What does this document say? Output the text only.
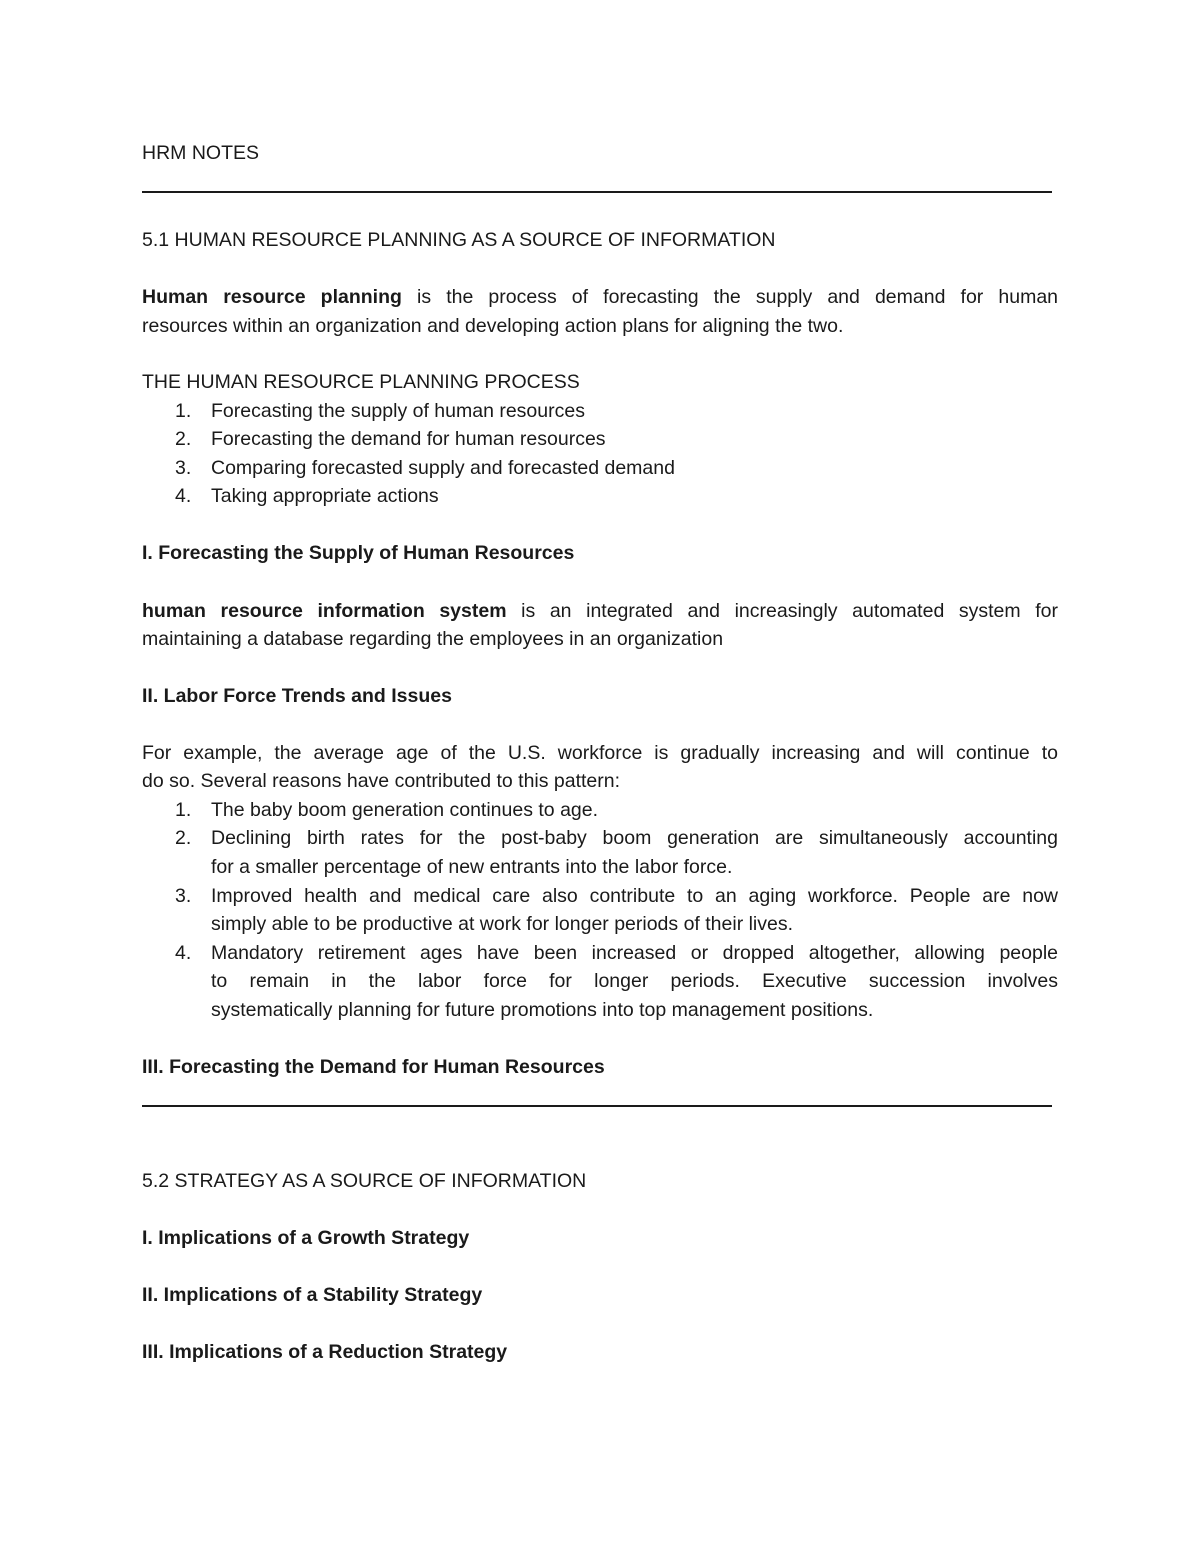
HRM NOTES
5.1 HUMAN RESOURCE PLANNING AS A SOURCE OF INFORMATION
Human resource planning is the process of forecasting the supply and demand for human
resources within an organization and developing action plans for aligning the two.
THE HUMAN RESOURCE PLANNING PROCESS
1.	Forecasting the supply of human resources
2.	Forecasting the demand for human resources
3.	Comparing forecasted supply and forecasted demand
4.	Taking appropriate actions
I. Forecasting the Supply of Human Resources
human resource information system is an integrated and increasingly automated system for
maintaining a database regarding the employees in an organization
II. Labor Force Trends and Issues
For example, the average age of the U.S. workforce is gradually increasing and will continue to
do so. Several reasons have contributed to this pattern:
1.	The baby boom generation continues to age.
2.	Declining birth rates for the post-baby boom generation are simultaneously accounting
for a smaller percentage of new entrants into the labor force.
3.	Improved health and medical care also contribute to an aging workforce. People are now
simply able to be productive at work for longer periods of their lives.
4.	Mandatory retirement ages have been increased or dropped altogether, allowing people
to remain in the labor force for longer periods. Executive succession involves
systematically planning for future promotions into top management positions.
III. Forecasting the Demand for Human Resources
5.2 STRATEGY AS A SOURCE OF INFORMATION
I. Implications of a Growth Strategy
II. Implications of a Stability Strategy
III. Implications of a Reduction Strategy
